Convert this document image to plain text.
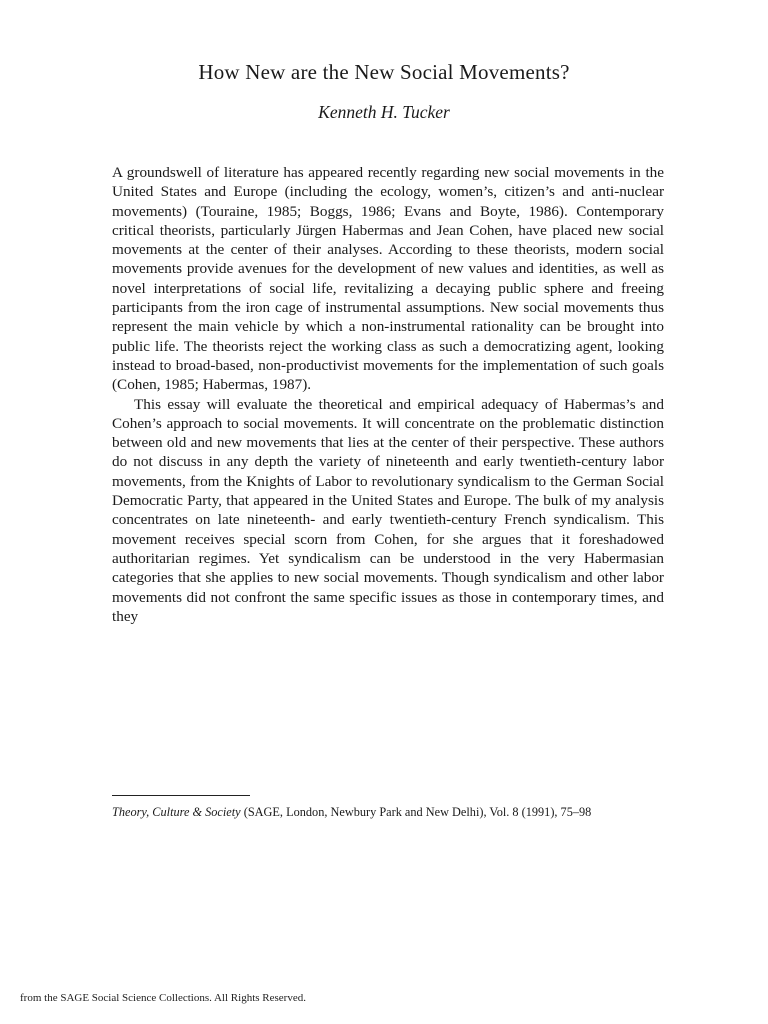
How New are the New Social Movements?
Kenneth H. Tucker

A groundswell of literature has appeared recently regarding new social movements in the United States and Europe (including the ecology, women’s, citizen’s and anti-nuclear movements) (Touraine, 1985; Boggs, 1986; Evans and Boyte, 1986). Contemporary critical theorists, particularly Jürgen Habermas and Jean Cohen, have placed new social movements at the center of their analyses. According to these theorists, modern social movements provide avenues for the development of new values and identities, as well as novel interpretations of social life, revitalizing a decaying public sphere and freeing participants from the iron cage of instrumental assumptions. New social movements thus represent the main vehicle by which a non-instrumental rationality can be brought into public life. The theorists reject the working class as such a democratizing agent, looking instead to broad-based, non-productivist movements for the implementation of such goals (Cohen, 1985; Habermas, 1987).

This essay will evaluate the theoretical and empirical adequacy of Habermas’s and Cohen’s approach to social movements. It will concentrate on the problematic distinction between old and new movements that lies at the center of their perspective. These authors do not discuss in any depth the variety of nineteenth and early twentieth-century labor movements, from the Knights of Labor to revolutionary syndicalism to the German Social Democratic Party, that appeared in the United States and Europe. The bulk of my analysis concentrates on late nineteenth- and early twentieth-century French syndicalism. This movement receives special scorn from Cohen, for she argues that it foreshadowed authoritarian regimes. Yet syndicalism can be understood in the very Habermasian categories that she applies to new social movements. Though syndicalism and other labor movements did not confront the same specific issues as those in contemporary times, and they

Theory, Culture & Society (SAGE, London, Newbury Park and New Delhi), Vol. 8 (1991), 75–98
from the SAGE Social Science Collections. All Rights Reserved.
